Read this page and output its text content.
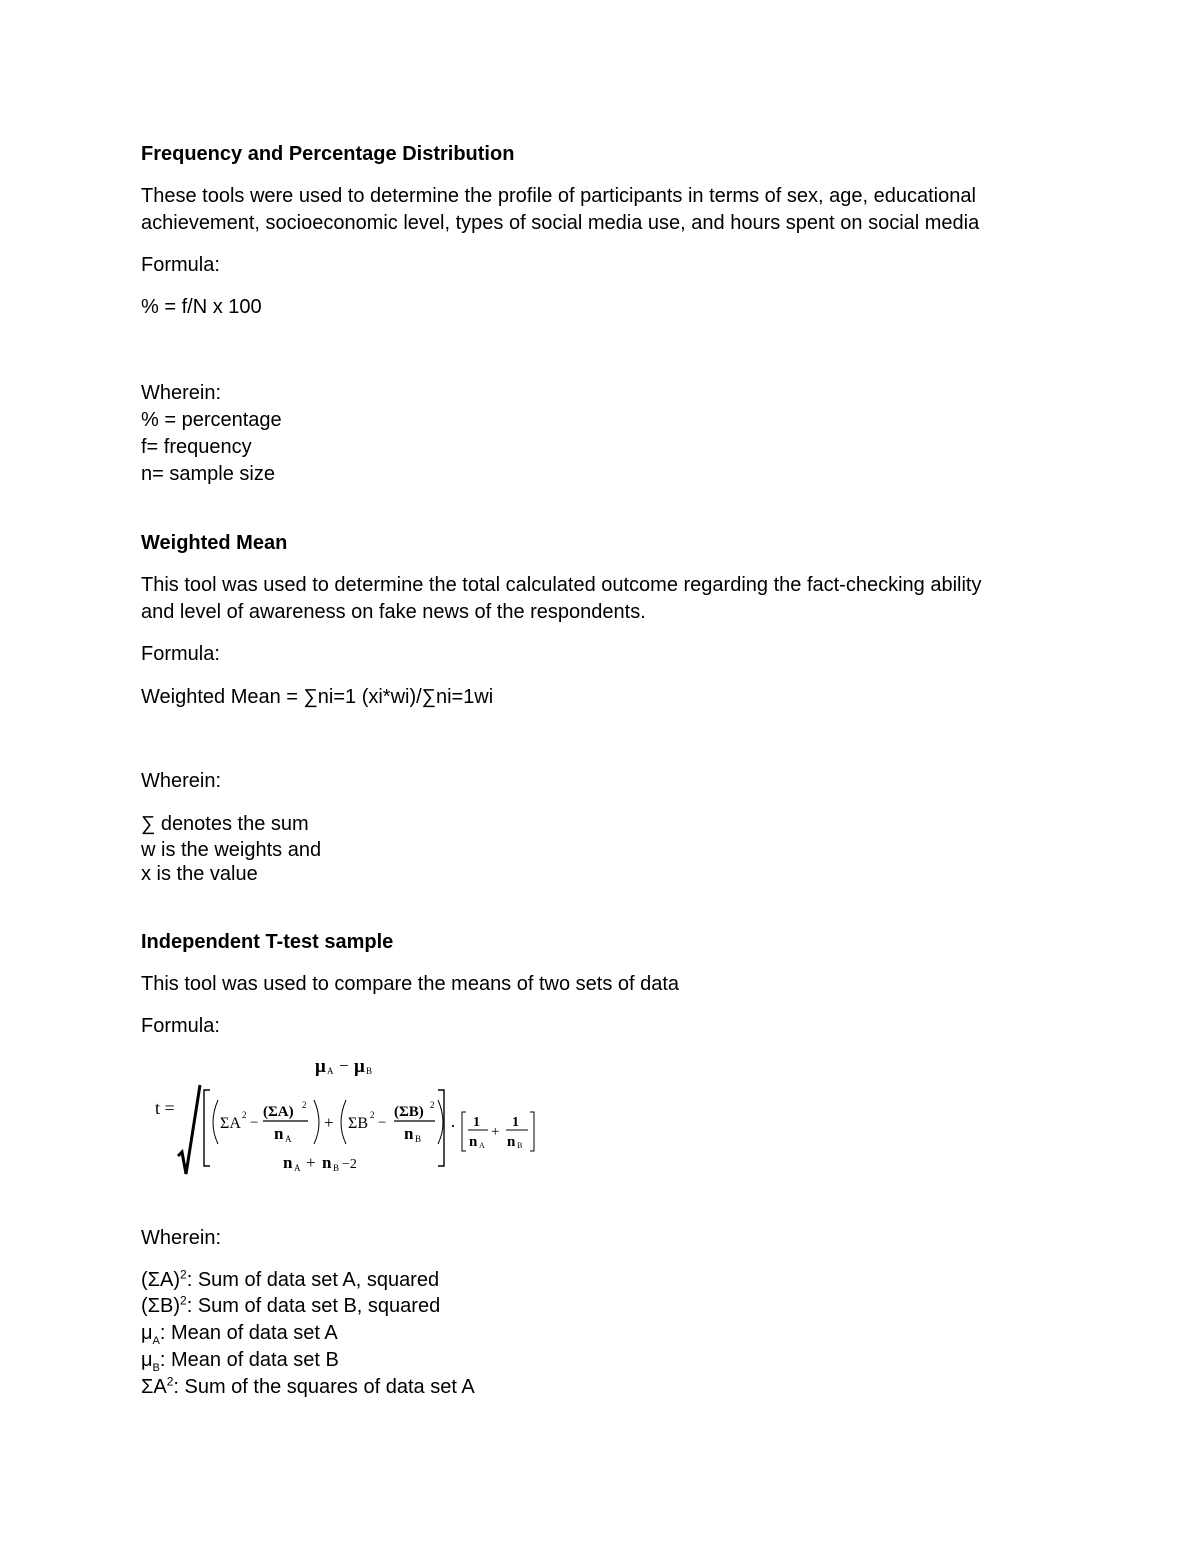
Frequency and Percentage Distribution

These tools were used to determine the profile of participants in terms of sex, age, educational

achievement, socioeconomic level, types of social media use, and hours spent on social media

Formula:

% = f/N x 100

Wherein:

% = percentage

f= frequency

n= sample size

Weighted Mean

This tool was used to determine the total calculated outcome regarding the fact-checking ability

and level of awareness on fake news of the respondents.

Formula:

Weighted Mean = ∑ni=1 (xi*wi)/∑ni=1wi

Wherein:

∑ denotes the sum

w is the weights and

x is the value

Independent T-test sample

This tool was used to compare the means of two sets of data

Formula:

μ A − μ B
t =
ΣA 2 −
(ΣA) 2
n A
+ ΣB 2 −
(ΣB) 2
n B
n A + n B −2
· 1
n A
+
1
n B

Wherein:

$(\Sigma A)^2$: Sum of data set A, squared

$(\Sigma B)^2$: Sum of data set B, squared

$\mu_A$: Mean of data set A

$\mu_B$: Mean of data set B

$\Sigma A^2$: Sum of the squares of data set A
